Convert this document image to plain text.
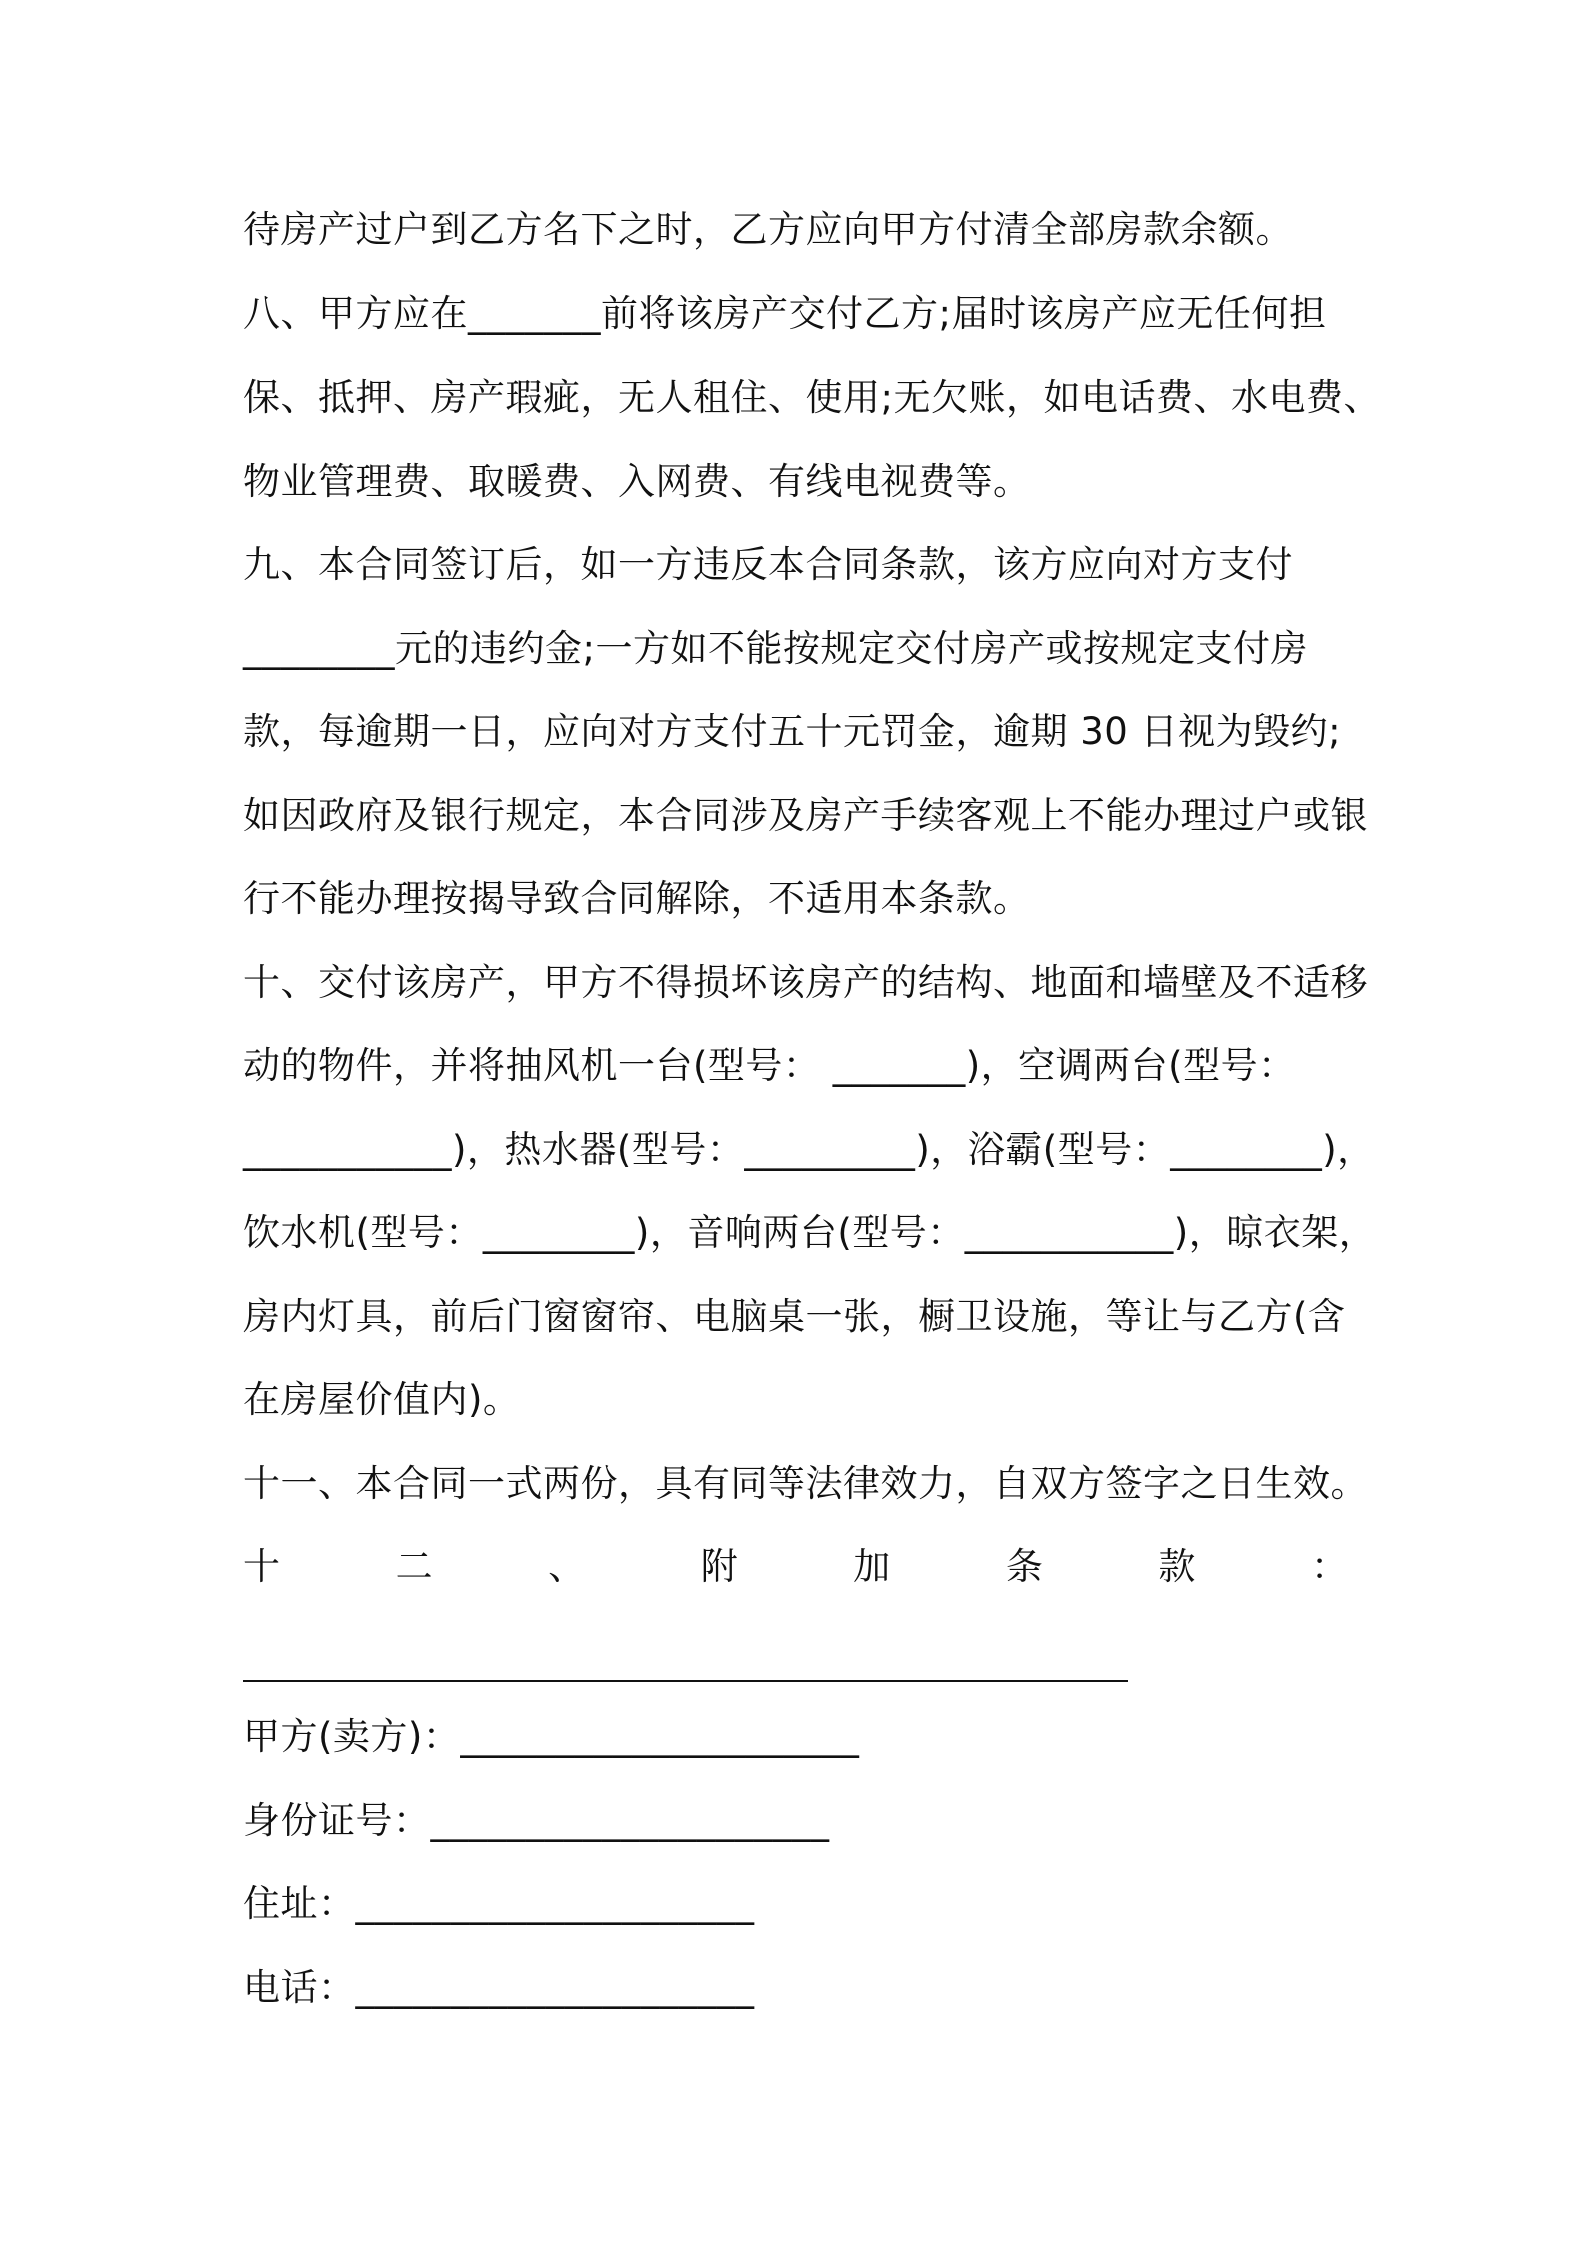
待房产过户到乙方名下之时，乙方应向甲方付清全部房款余额。
八、甲方应在_______前将该房产交付乙方;届时该房产应无任何担
保、抵押、房产瑕疵，无人租住、使用;无欠账，如电话费、水电费、
物业管理费、取暖费、入网费、有线电视费等。
九、本合同签订后，如一方违反本合同条款，该方应向对方支付
________元的违约金;一方如不能按规定交付房产或按规定支付房
款，每逾期一日，应向对方支付五十元罚金，逾期 30 日视为毁约;
如因政府及银行规定，本合同涉及房产手续客观上不能办理过户或银
行不能办理按揭导致合同解除，不适用本条款。
十、交付该房产，甲方不得损坏该房产的结构、地面和墙壁及不适移
动的物件，并将抽风机一台(型号： _______)，空调两台(型号：
___________)，热水器(型号：_________)，浴霸(型号：________)，
饮水机(型号：________)，音响两台(型号：___________)，晾衣架，
房内灯具，前后门窗窗帘、电脑桌一张，橱卫设施，等让与乙方(含
在房屋价值内)。
十一、本合同一式两份，具有同等法律效力，自双方签字之日生效。
十	二	、	附	加	条	款	：
甲方(卖方)：_____________________
身份证号：_____________________
住址：_____________________
电话：_____________________
